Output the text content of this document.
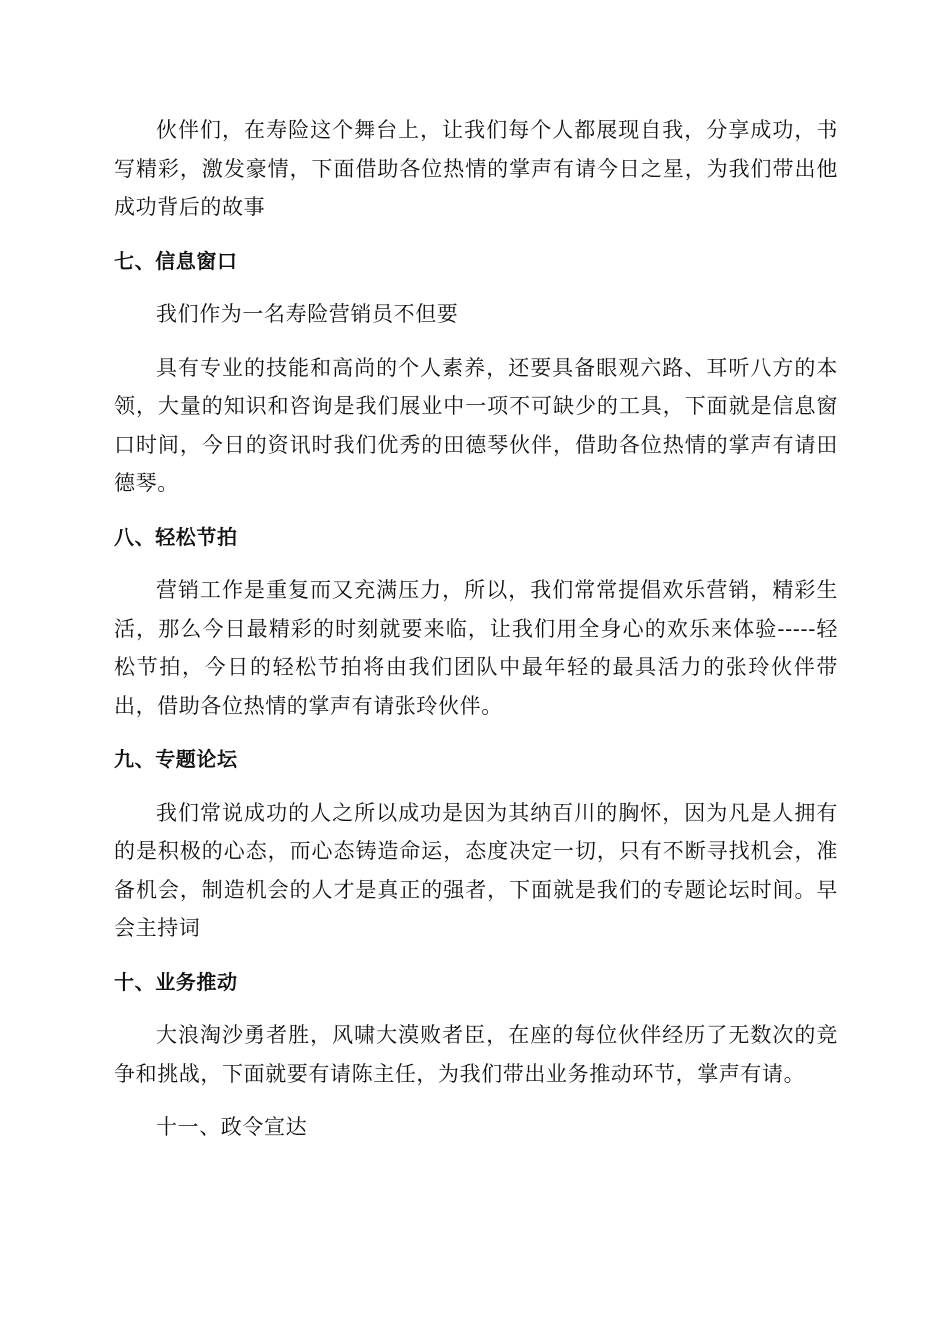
伙伴们，在寿险这个舞台上，让我们每个人都展现自我，分享成功，书写精彩，激发豪情，下面借助各位热情的掌声有请今日之星，为我们带出他成功背后的故事

七、信息窗口

我们作为一名寿险营销员不但要

具有专业的技能和高尚的个人素养，还要具备眼观六路、耳听八方的本领，大量的知识和咨询是我们展业中一项不可缺少的工具，下面就是信息窗口时间，今日的资讯时我们优秀的田德琴伙伴，借助各位热情的掌声有请田德琴。

八、轻松节拍

营销工作是重复而又充满压力，所以，我们常常提倡欢乐营销，精彩生活，那么今日最精彩的时刻就要来临，让我们用全身心的欢乐来体验-----轻松节拍，今日的轻松节拍将由我们团队中最年轻的最具活力的张玲伙伴带出，借助各位热情的掌声有请张玲伙伴。

九、专题论坛

我们常说成功的人之所以成功是因为其纳百川的胸怀，因为凡是人拥有的是积极的心态，而心态铸造命运，态度决定一切，只有不断寻找机会，准备机会，制造机会的人才是真正的强者，下面就是我们的专题论坛时间。早会主持词

十、业务推动

大浪淘沙勇者胜，风啸大漠败者臣，在座的每位伙伴经历了无数次的竞争和挑战，下面就要有请陈主任，为我们带出业务推动环节，掌声有请。

十一、政令宣达
